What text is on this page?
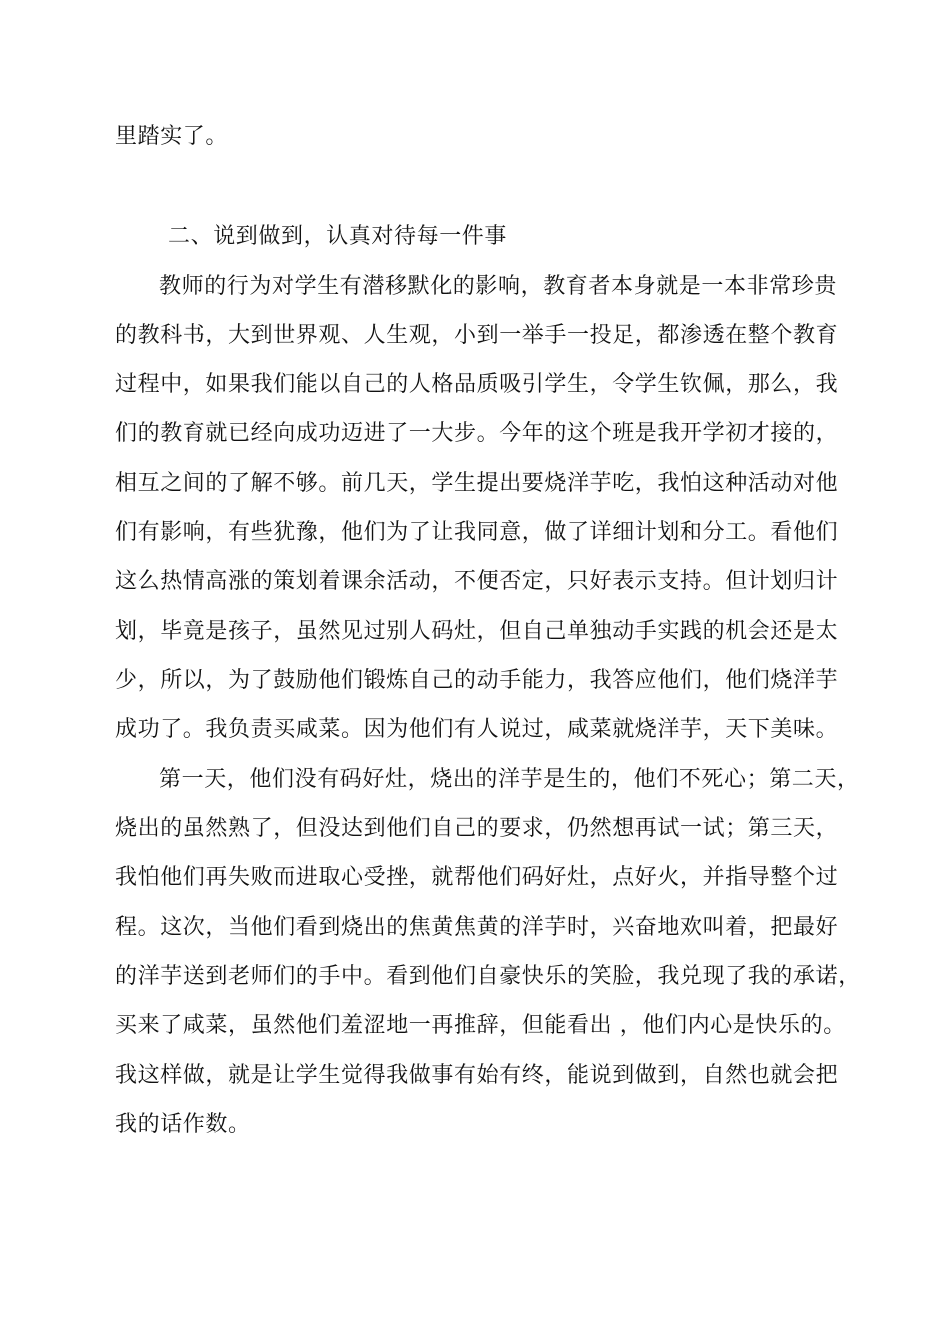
里踏实了。
二、说到做到，认真对待每一件事
教师的行为对学生有潜移默化的影响，教育者本身就是一本非常珍贵
的教科书，大到世界观、人生观，小到一举手一投足，都渗透在整个教育
过程中，如果我们能以自己的人格品质吸引学生，令学生钦佩，那么，我
们的教育就已经向成功迈进了一大步。今年的这个班是我开学初才接的，
相互之间的了解不够。前几天，学生提出要烧洋芋吃，我怕这种活动对他
们有影响，有些犹豫，他们为了让我同意，做了详细计划和分工。看他们
这么热情高涨的策划着课余活动，不便否定，只好表示支持。但计划归计
划，毕竟是孩子，虽然见过别人码灶，但自己单独动手实践的机会还是太
少，所以，为了鼓励他们锻炼自己的动手能力，我答应他们，他们烧洋芋
成功了。我负责买咸菜。因为他们有人说过，咸菜就烧洋芋，天下美味。
第一天，他们没有码好灶，烧出的洋芋是生的，他们不死心；第二天，
烧出的虽然熟了，但没达到他们自己的要求，仍然想再试一试；第三天，
我怕他们再失败而进取心受挫，就帮他们码好灶，点好火，并指导整个过
程。这次，当他们看到烧出的焦黄焦黄的洋芋时，兴奋地欢叫着，把最好
的洋芋送到老师们的手中。看到他们自豪快乐的笑脸，我兑现了我的承诺，
买来了咸菜，虽然他们羞涩地一再推辞，但能看出 ，他们内心是快乐的。
我这样做，就是让学生觉得我做事有始有终，能说到做到，自然也就会把
我的话作数。
